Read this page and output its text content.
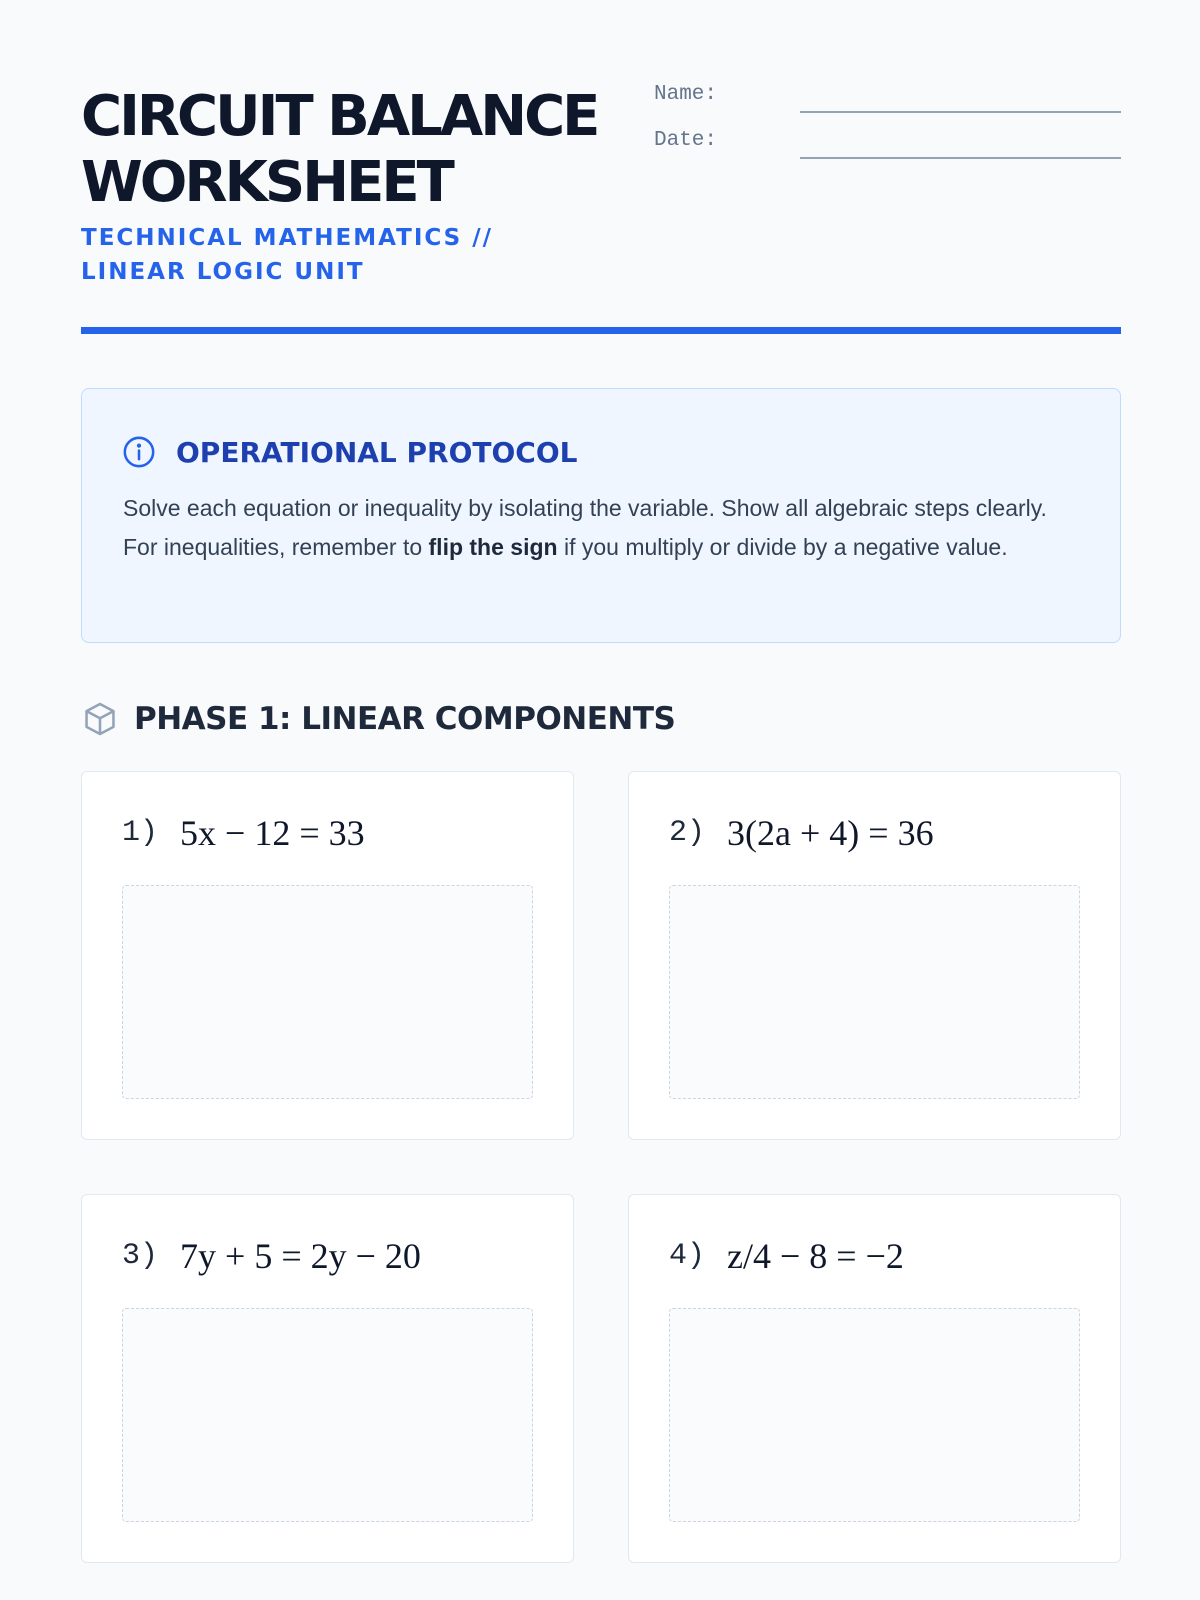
CIRCUIT BALANCE WORKSHEET
TECHNICAL MATHEMATICS // LINEAR LOGIC UNIT
Name:
Date:
OPERATIONAL PROTOCOL

Solve each equation or inequality by isolating the variable. Show all algebraic steps clearly. For inequalities, remember to flip the sign if you multiply or divide by a negative value.

PHASE 1: LINEAR COMPONENTS
1) 5x − 12 = 33	2) 3(2a + 4) = 36
3) 7y + 5 = 2y − 20	4) z/4 − 8 = −2
